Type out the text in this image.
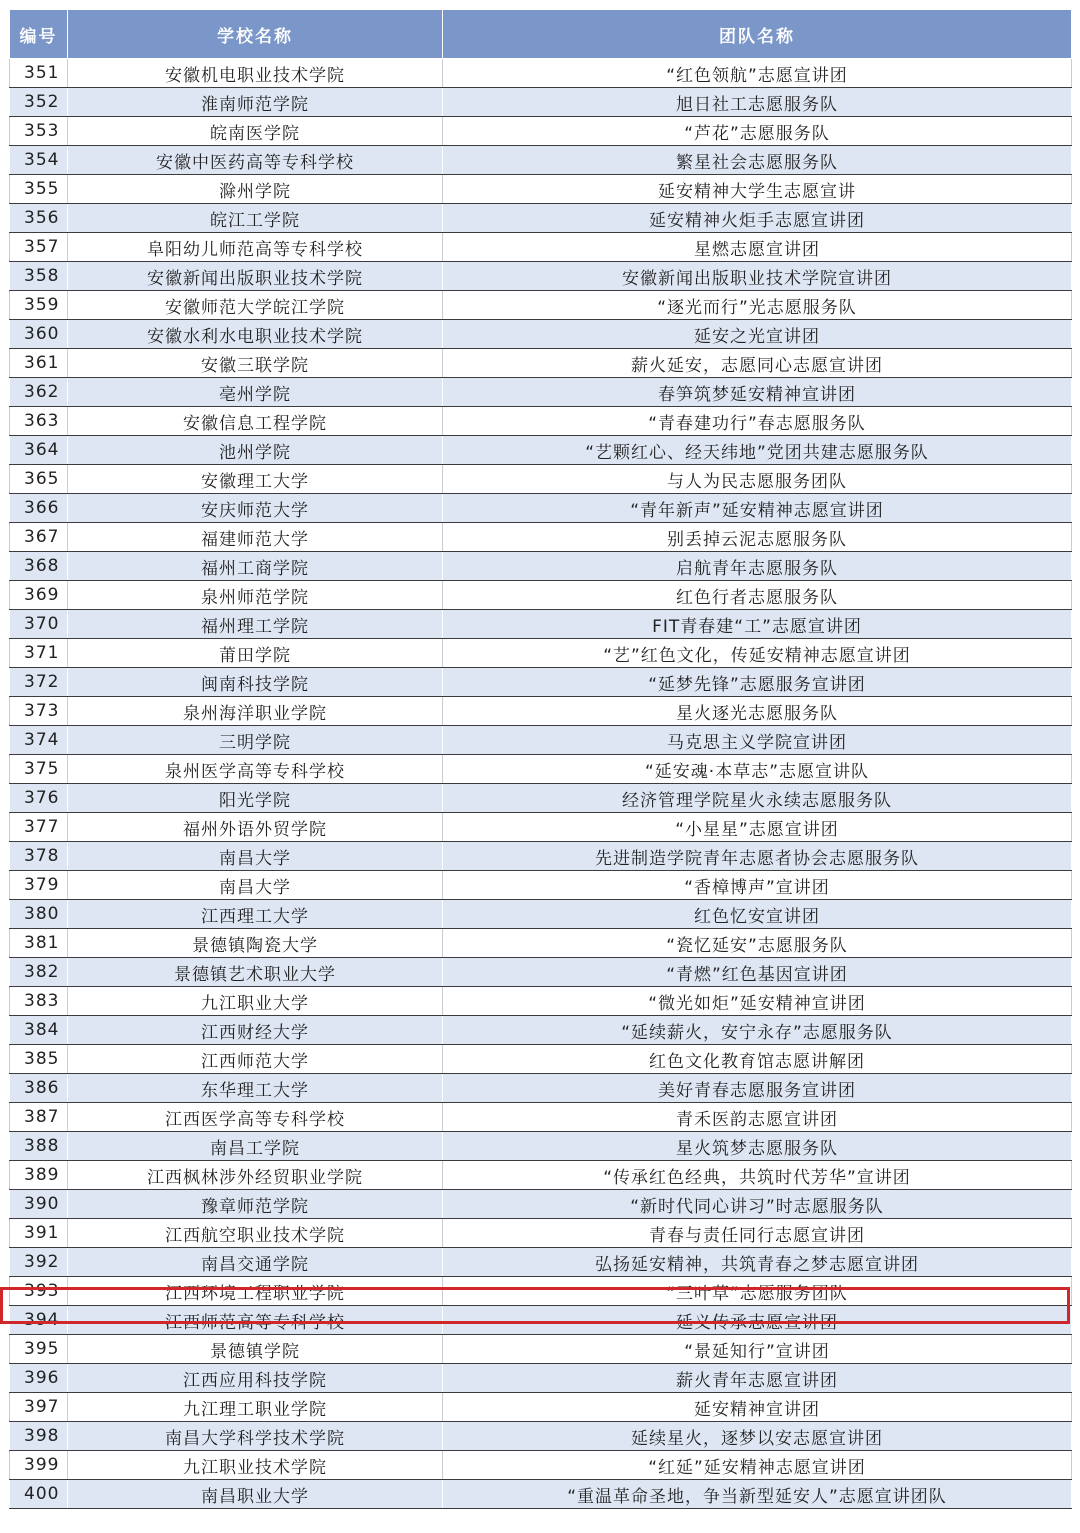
编号	学校名称	团队名称
351	安徽机电职业技术学院	“红色领航”志愿宣讲团
352	淮南师范学院	旭日社工志愿服务队
353	皖南医学院	“芦花”志愿服务队
354	安徽中医药高等专科学校	繁星社会志愿服务队
355	滁州学院	延安精神大学生志愿宣讲
356	皖江工学院	延安精神火炬手志愿宣讲团
357	阜阳幼儿师范高等专科学校	星燃志愿宣讲团
358	安徽新闻出版职业技术学院	安徽新闻出版职业技术学院宣讲团
359	安徽师范大学皖江学院	“逐光而行”光志愿服务队
360	安徽水利水电职业技术学院	延安之光宣讲团
361	安徽三联学院	薪火延安，志愿同心志愿宣讲团
362	亳州学院	春笋筑梦延安精神宣讲团
363	安徽信息工程学院	“青春建功行”春志愿服务队
364	池州学院	“艺颗红心、经天纬地”党团共建志愿服务队
365	安徽理工大学	与人为民志愿服务团队
366	安庆师范大学	“青年新声”延安精神志愿宣讲团
367	福建师范大学	别丢掉云泥志愿服务队
368	福州工商学院	启航青年志愿服务队
369	泉州师范学院	红色行者志愿服务队
370	福州理工学院	FIT青春建“工”志愿宣讲团
371	莆田学院	“艺”红色文化，传延安精神志愿宣讲团
372	闽南科技学院	“延梦先锋”志愿服务宣讲团
373	泉州海洋职业学院	星火逐光志愿服务队
374	三明学院	马克思主义学院宣讲团
375	泉州医学高等专科学校	“延安魂·本草志”志愿宣讲队
376	阳光学院	经济管理学院星火永续志愿服务队
377	福州外语外贸学院	“小星星”志愿宣讲团
378	南昌大学	先进制造学院青年志愿者协会志愿服务队
379	南昌大学	“香樟博声”宣讲团
380	江西理工大学	红色忆安宣讲团
381	景德镇陶瓷大学	“瓷忆延安”志愿服务队
382	景德镇艺术职业大学	“青燃”红色基因宣讲团
383	九江职业大学	“微光如炬”延安精神宣讲团
384	江西财经大学	“延续薪火，安宁永存”志愿服务队
385	江西师范大学	红色文化教育馆志愿讲解团
386	东华理工大学	美好青春志愿服务宣讲团
387	江西医学高等专科学校	青禾医韵志愿宣讲团
388	南昌工学院	星火筑梦志愿服务队
389	江西枫林涉外经贸职业学院	“传承红色经典，共筑时代芳华”宣讲团
390	豫章师范学院	“新时代同心讲习”时志愿服务队
391	江西航空职业技术学院	青春与责任同行志愿宣讲团
392	南昌交通学院	弘扬延安精神，共筑青春之梦志愿宣讲团
393	江西环境工程职业学院	“三叶草”志愿服务团队
394	江西师范高等专科学校	延义传承志愿宣讲团
395	景德镇学院	“景延知行”宣讲团
396	江西应用科技学院	薪火青年志愿宣讲团
397	九江理工职业学院	延安精神宣讲团
398	南昌大学科学技术学院	延续星火，逐梦以安志愿宣讲团
399	九江职业技术学院	“红延”延安精神志愿宣讲团
400	南昌职业大学	“重温革命圣地，争当新型延安人”志愿宣讲团队
